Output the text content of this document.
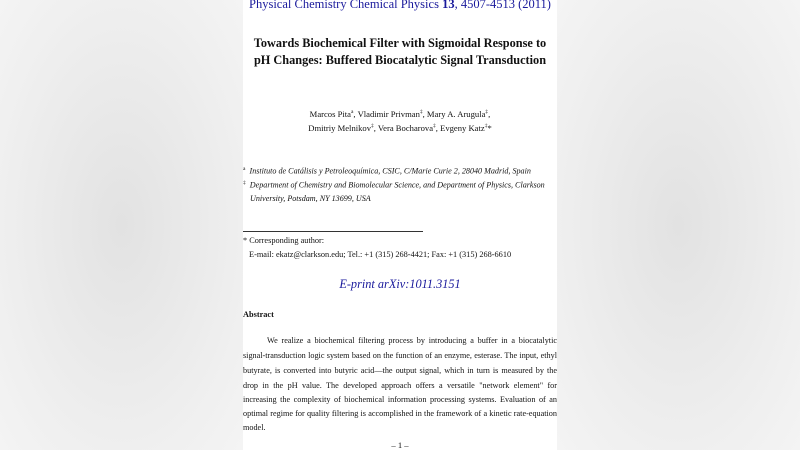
Physical Chemistry Chemical Physics 13, 4507-4513 (2011)
Towards Biochemical Filter with Sigmoidal Response to
pH Changes: Buffered Biocatalytic Signal Transduction
Marcos Pita$^a$, Vladimir Privman‡, Mary A. Arugula‡,
Dmitriy Melnikov‡, Vera Bocharova‡, Evgeny Katz‡*
$^a$ Instituto de Catálisis y Petroleoquímica, CSIC, C/Marie Curie 2, 28040 Madrid, Spain
‡ Department of Chemistry and Biomolecular Science, and Department of Physics, Clarkson
University, Potsdam, NY 13699, USA
* Corresponding author:
E-mail: ekatz@clarkson.edu; Tel.: +1 (315) 268-4421; Fax: +1 (315) 268-6610
E-print arXiv:1011.3151
Abstract
We realize a biochemical filtering process by introducing a buffer in a biocatalytic
signal-transduction logic system based on the function of an enzyme, esterase. The input, ethyl
butyrate, is converted into butyric acid—the output signal, which in turn is measured by the
drop in the pH value. The developed approach offers a versatile "network element" for
increasing the complexity of biochemical information processing systems. Evaluation of an
optimal regime for quality filtering is accomplished in the framework of a kinetic rate-equation
model.
– 1 –
